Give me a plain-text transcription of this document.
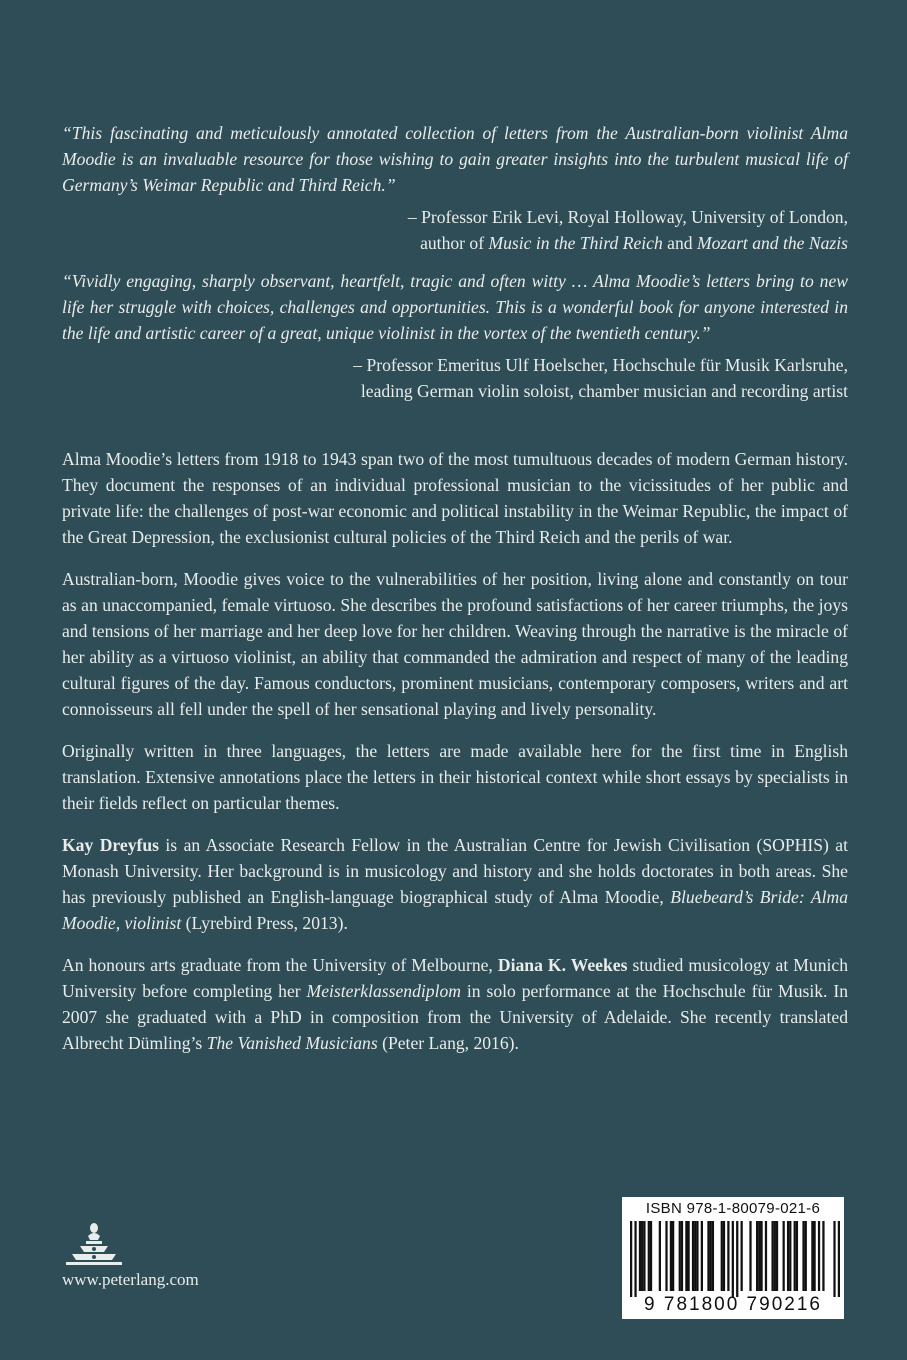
“This fascinating and meticulously annotated collection of letters from the Australian-born violinist Alma Moodie is an invaluable resource for those wishing to gain greater insights into the turbulent musical life of Germany’s Weimar Republic and Third Reich.”

– Professor Erik Levi, Royal Holloway, University of London,
author of Music in the Third Reich and Mozart and the Nazis

“Vividly engaging, sharply observant, heartfelt, tragic and often witty … Alma Moodie’s letters bring to new life her struggle with choices, challenges and opportunities. This is a wonderful book for anyone interested in the life and artistic career of a great, unique violinist in the vortex of the twentieth century.”

– Professor Emeritus Ulf Hoelscher, Hochschule für Musik Karlsruhe,
leading German violin soloist, chamber musician and recording artist

Alma Moodie’s letters from 1918 to 1943 span two of the most tumultuous decades of modern German history. They document the responses of an individual professional musician to the vicissitudes of her public and private life: the challenges of post-war economic and political instability in the Weimar Republic, the impact of the Great Depression, the exclusionist cultural policies of the Third Reich and the perils of war.

Australian-born, Moodie gives voice to the vulnerabilities of her position, living alone and constantly on tour as an unaccompanied, female virtuoso. She describes the profound satisfactions of her career triumphs, the joys and tensions of her marriage and her deep love for her children. Weaving through the narrative is the miracle of her ability as a virtuoso violinist, an ability that commanded the admiration and respect of many of the leading cultural figures of the day. Famous conductors, prominent musicians, contemporary composers, writers and art connoisseurs all fell under the spell of her sensational playing and lively personality.

Originally written in three languages, the letters are made available here for the first time in English translation. Extensive annotations place the letters in their historical context while short essays by specialists in their fields reflect on particular themes.

Kay Dreyfus is an Associate Research Fellow in the Australian Centre for Jewish Civilisation (SOPHIS) at Monash University. Her background is in musicology and history and she holds doctorates in both areas. She has previously published an English-language biographical study of Alma Moodie, Bluebeard’s Bride: Alma Moodie, violinist (Lyrebird Press, 2013).

An honours arts graduate from the University of Melbourne, Diana K. Weekes studied musicology at Munich University before completing her Meisterklassendiplom in solo performance at the Hochschule für Musik. In 2007 she graduated with a PhD in composition from the University of Adelaide. She recently translated Albrecht Dümling’s The Vanished Musicians (Peter Lang, 2016).

www.peterlang.com
ISBN 978-1-80079-021-6
9 781800 790216
